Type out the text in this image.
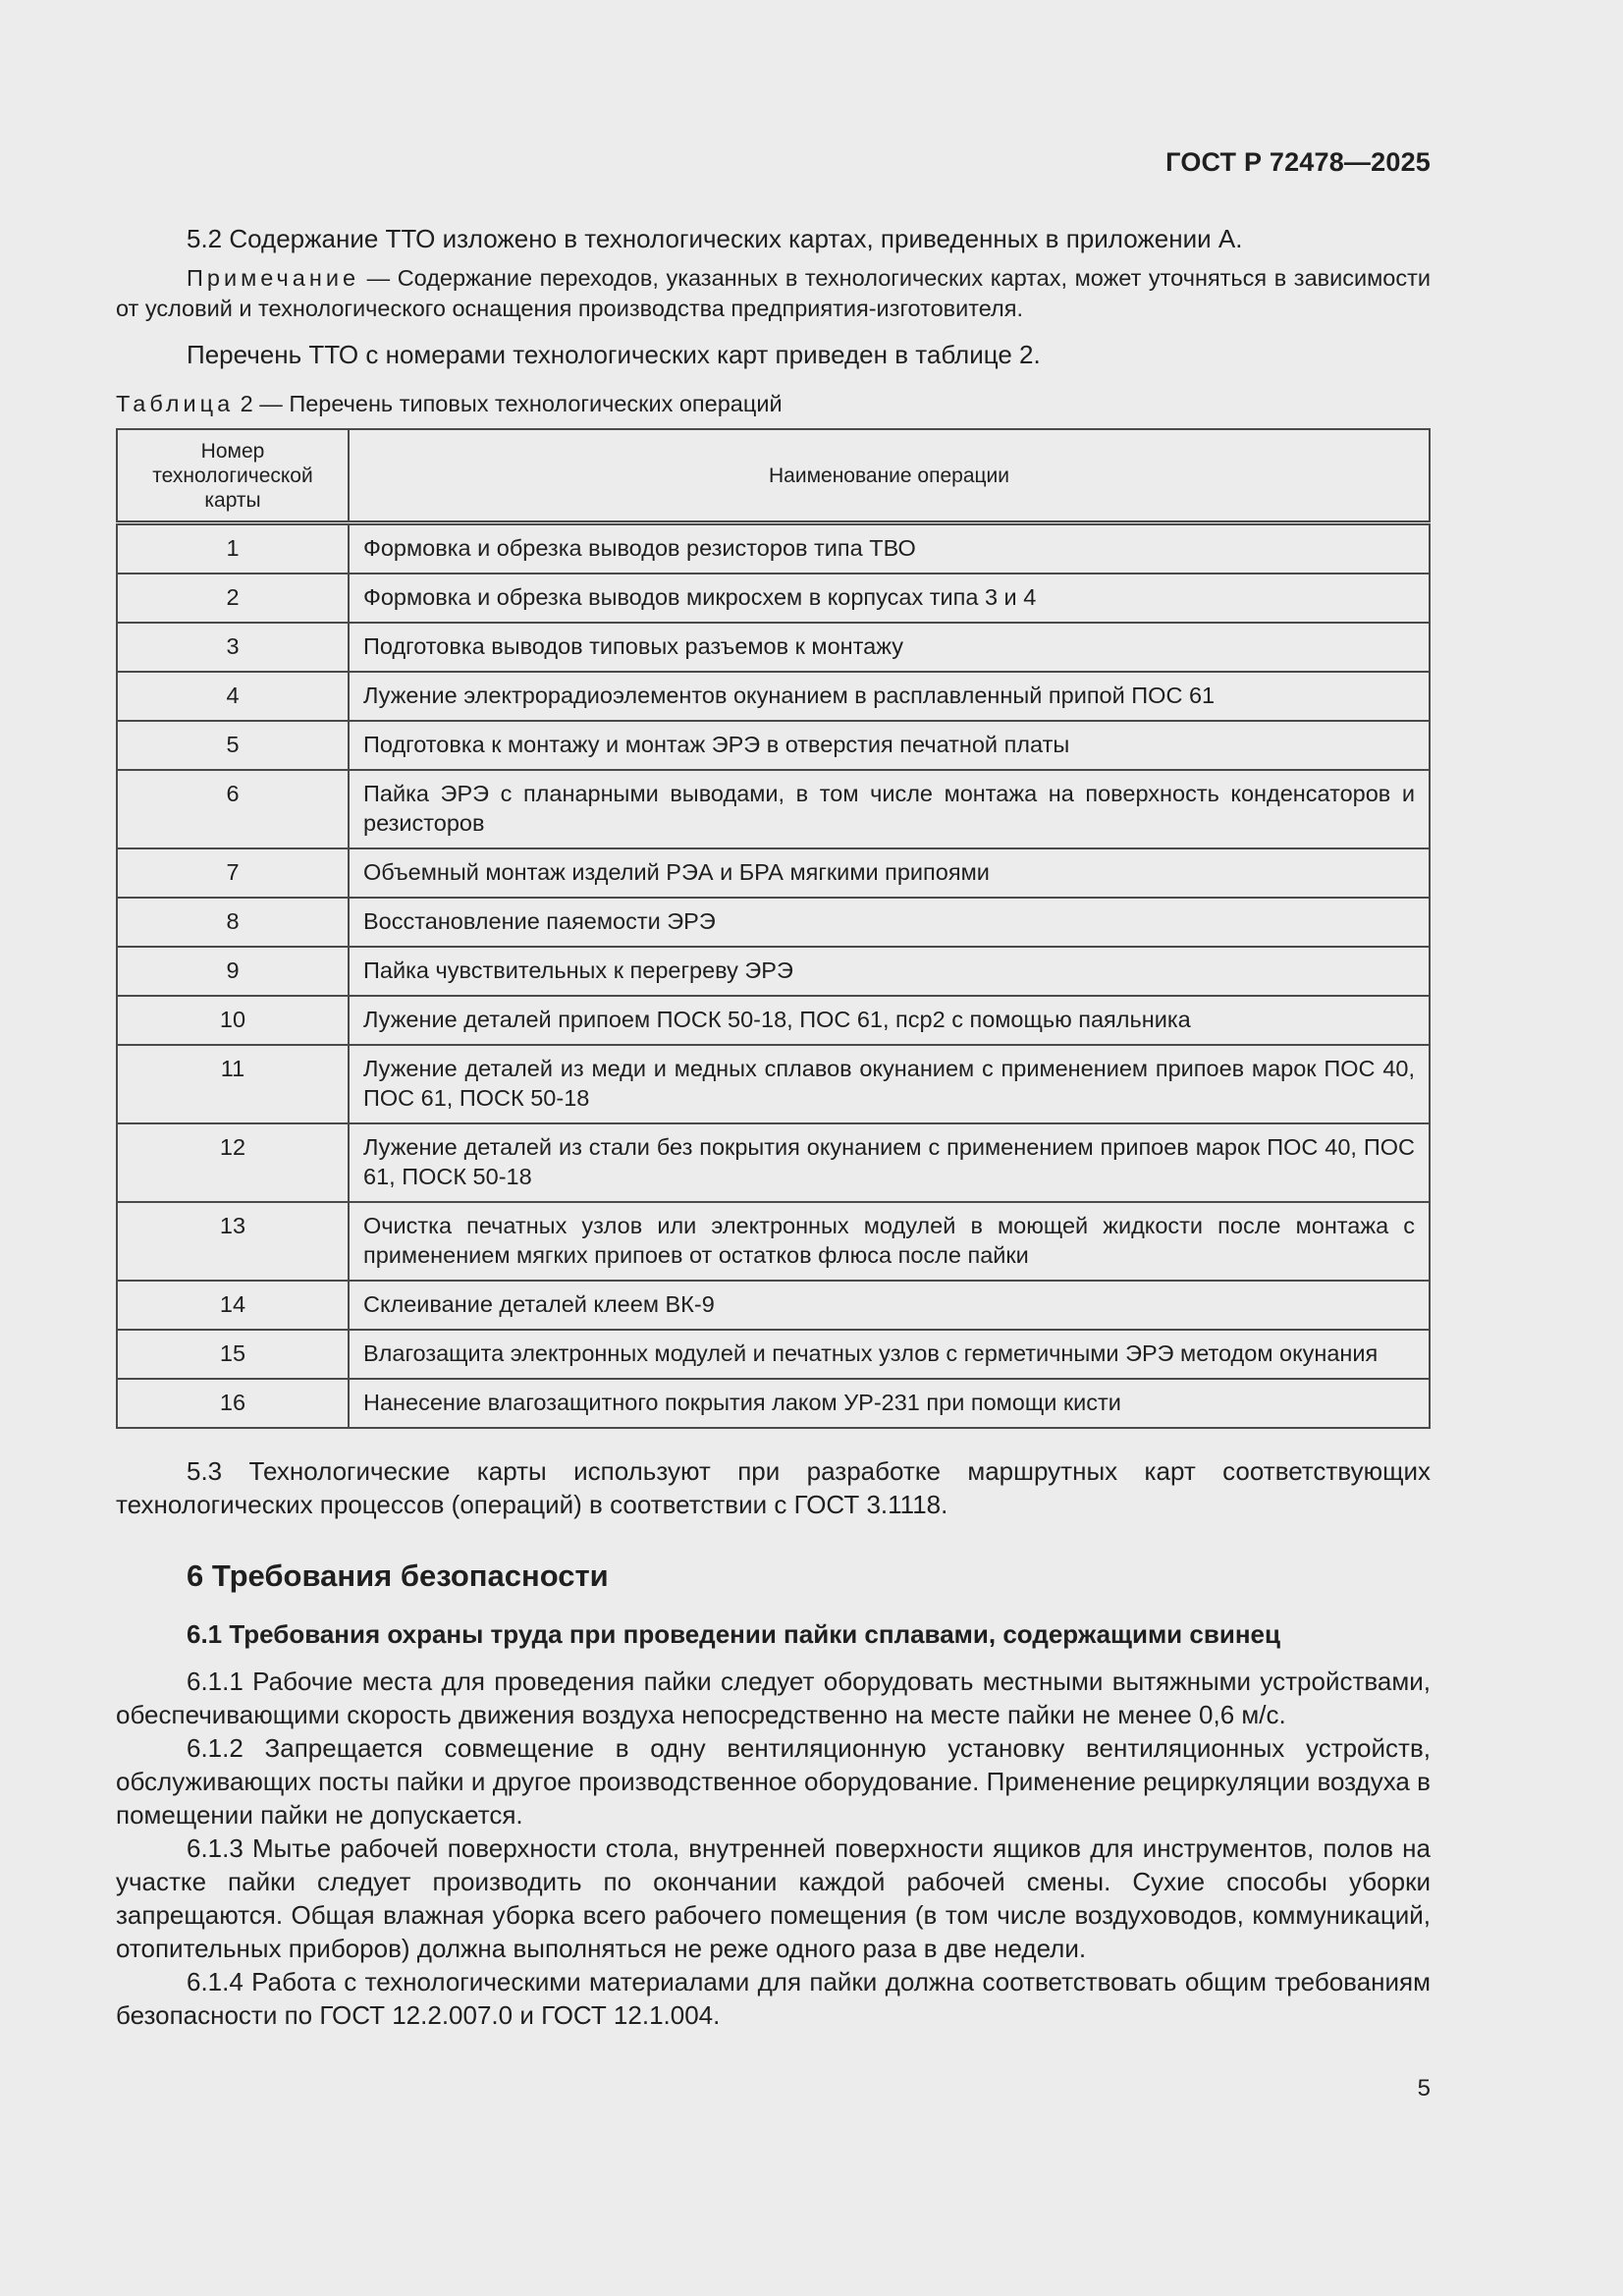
ГОСТ Р 72478—2025

5.2 Содержание ТТО изложено в технологических картах, приведенных в приложении А.

Примечание — Содержание переходов, указанных в технологических картах, может уточняться в зависимости от условий и технологического оснащения производства предприятия-изготовителя.

Перечень ТТО с номерами технологических карт приведен в таблице 2.

Таблица 2 — Перечень типовых технологических операций

Номер технологической карты	Наименование операции
1	Формовка и обрезка выводов резисторов типа ТВО
2	Формовка и обрезка выводов микросхем в корпусах типа 3 и 4
3	Подготовка выводов типовых разъемов к монтажу
4	Лужение электрорадиоэлементов окунанием в расплавленный припой ПОС 61
5	Подготовка к монтажу и монтаж ЭРЭ в отверстия печатной платы
6	Пайка ЭРЭ с планарными выводами, в том числе монтажа на поверхность конденсаторов и резисторов
7	Объемный монтаж изделий РЭА и БРА мягкими припоями
8	Восстановление паяемости ЭРЭ
9	Пайка чувствительных к перегреву ЭРЭ
10	Лужение деталей припоем ПОСК 50-18, ПОС 61, пср2 с помощью паяльника
11	Лужение деталей из меди и медных сплавов окунанием с применением припоев марок ПОС 40, ПОС 61, ПОСК 50-18
12	Лужение деталей из стали без покрытия окунанием с применением припоев марок ПОС 40, ПОС 61, ПОСК 50-18
13	Очистка печатных узлов или электронных модулей в моющей жидкости после монтажа с применением мягких припоев от остатков флюса после пайки
14	Склеивание деталей клеем ВК-9
15	Влагозащита электронных модулей и печатных узлов с герметичными ЭРЭ методом окунания
16	Нанесение влагозащитного покрытия лаком УР-231 при помощи кисти

5.3 Технологические карты используют при разработке маршрутных карт соответствующих технологических процессов (операций) в соответствии с ГОСТ 3.1118.

6 Требования безопасности
6.1 Требования охраны труда при проведении пайки сплавами, содержащими свинец

6.1.1 Рабочие места для проведения пайки следует оборудовать местными вытяжными устройствами, обеспечивающими скорость движения воздуха непосредственно на месте пайки не менее 0,6 м/с.

6.1.2 Запрещается совмещение в одну вентиляционную установку вентиляционных устройств, обслуживающих посты пайки и другое производственное оборудование. Применение рециркуляции воздуха в помещении пайки не допускается.

6.1.3 Мытье рабочей поверхности стола, внутренней поверхности ящиков для инструментов, полов на участке пайки следует производить по окончании каждой рабочей смены. Сухие способы уборки запрещаются. Общая влажная уборка всего рабочего помещения (в том числе воздуховодов, коммуникаций, отопительных приборов) должна выполняться не реже одного раза в две недели.

6.1.4 Работа с технологическими материалами для пайки должна соответствовать общим требованиям безопасности по ГОСТ 12.2.007.0 и ГОСТ 12.1.004.

5
